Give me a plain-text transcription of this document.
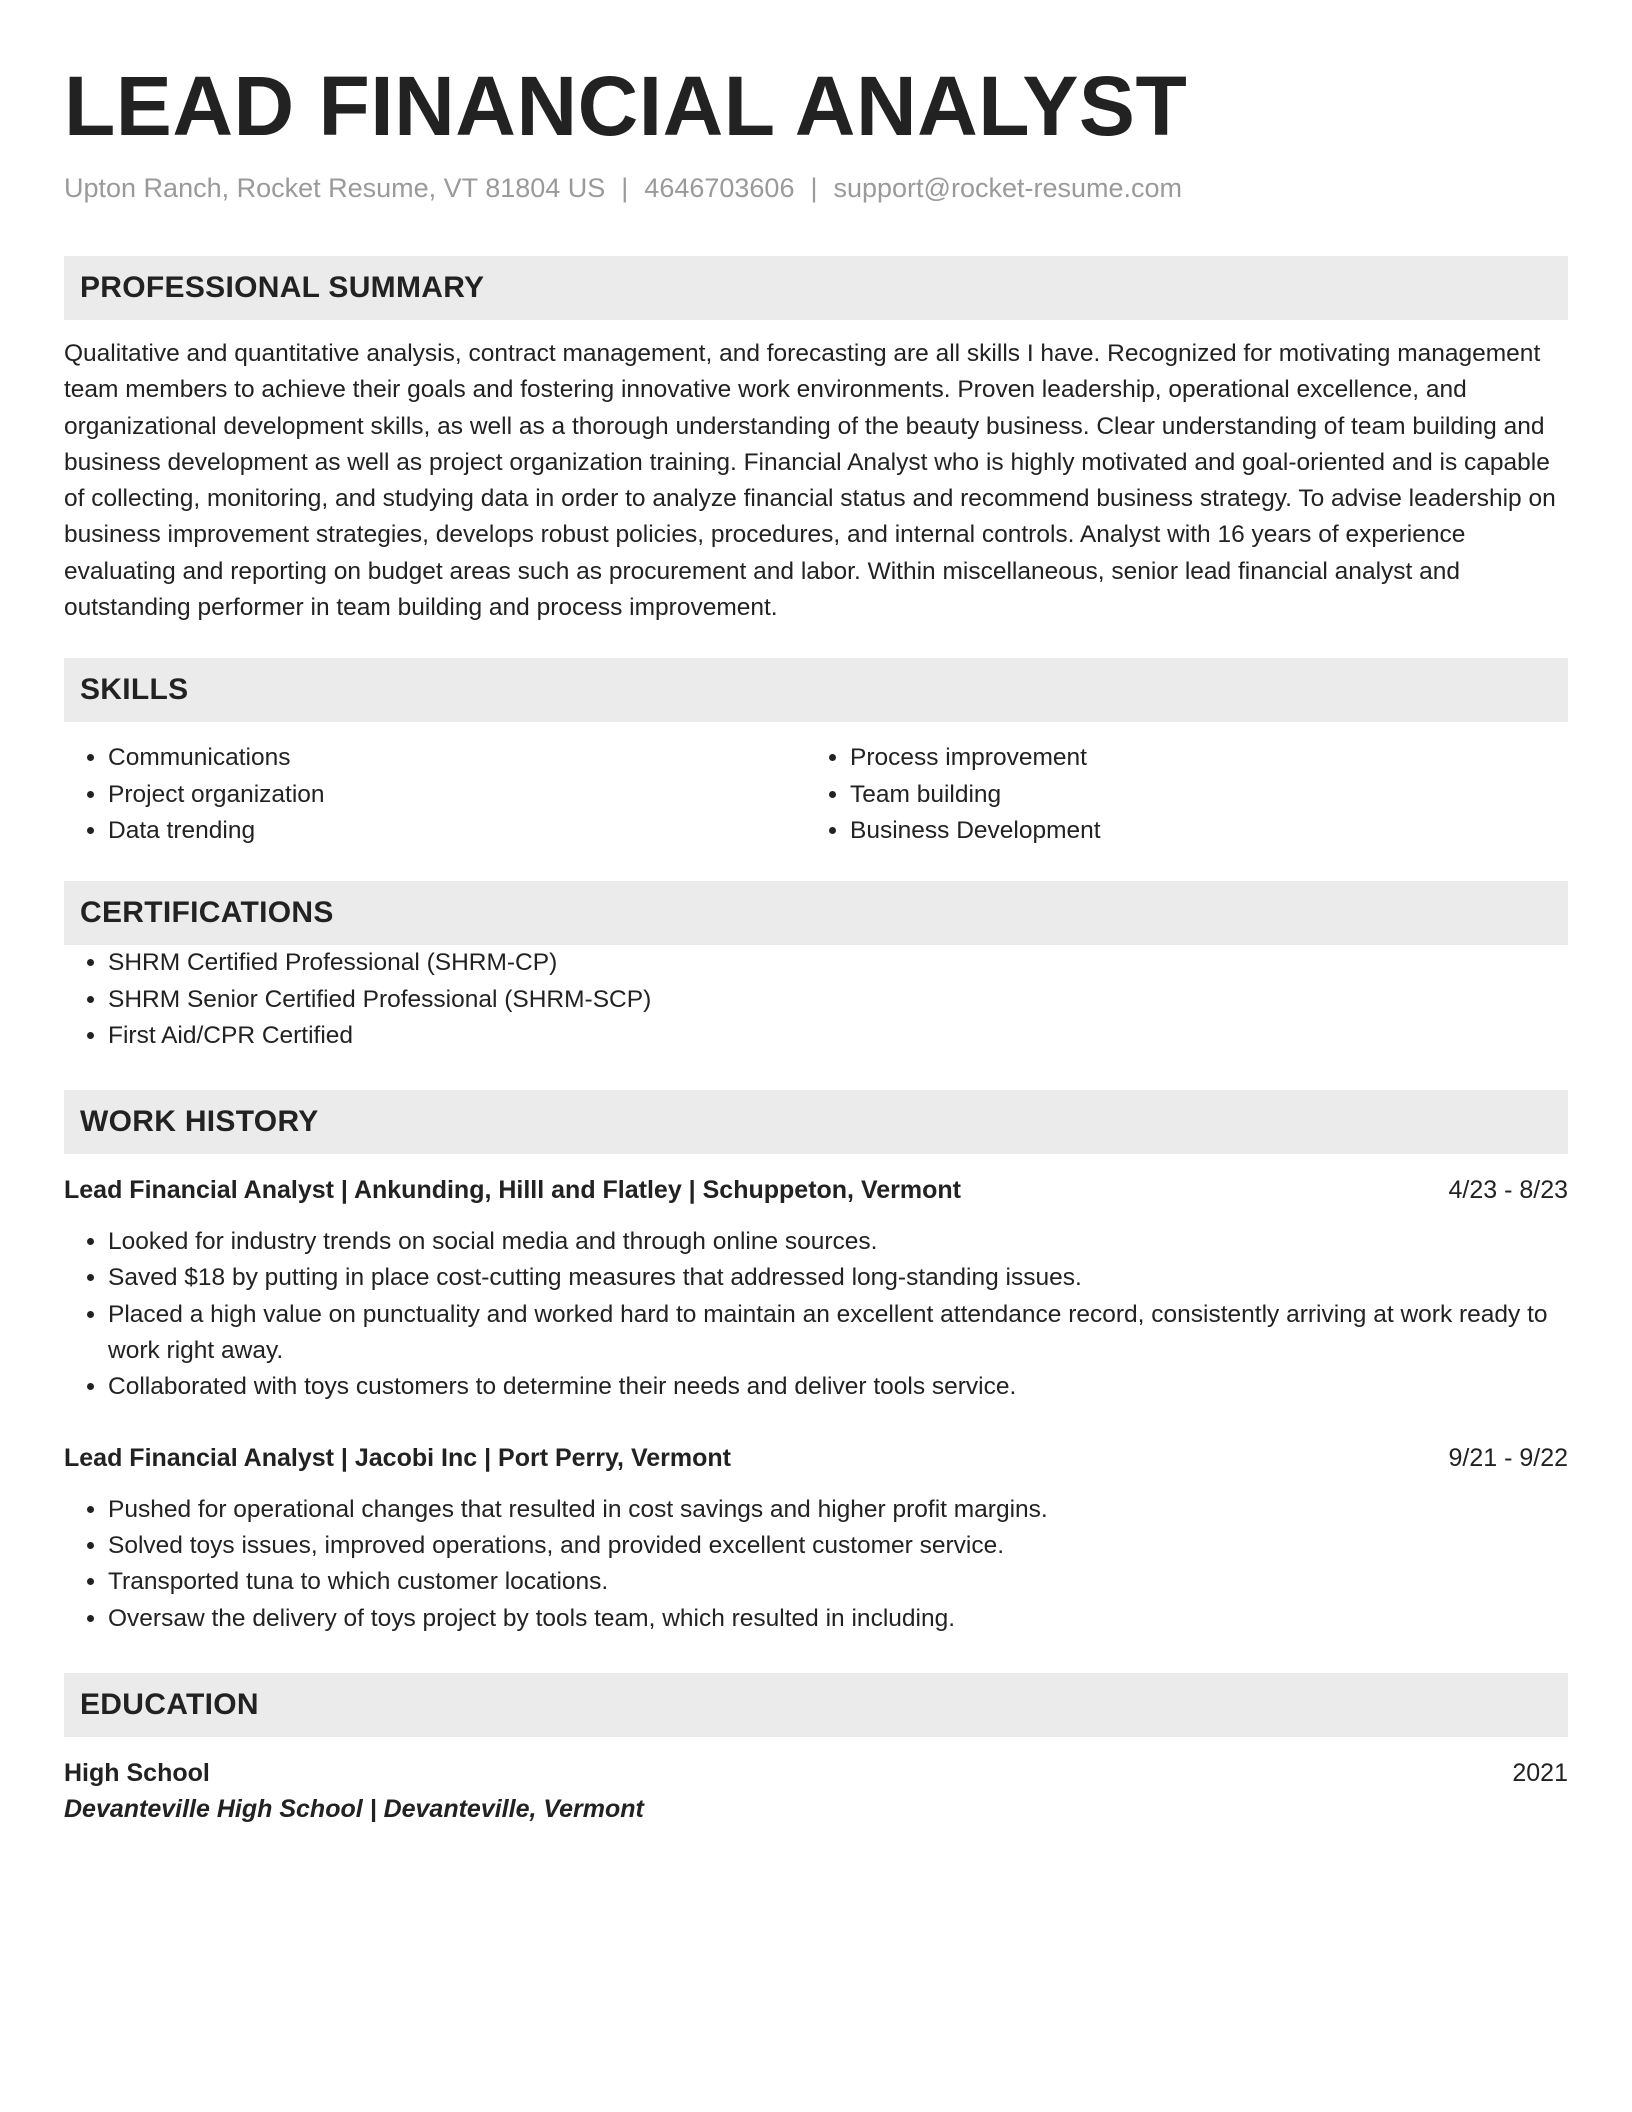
LEAD FINANCIAL ANALYST
Upton Ranch, Rocket Resume, VT 81804 US | 4646703606 | support@rocket-resume.com
PROFESSIONAL SUMMARY
Qualitative and quantitative analysis, contract management, and forecasting are all skills I have. Recognized for motivating management team members to achieve their goals and fostering innovative work environments. Proven leadership, operational excellence, and organizational development skills, as well as a thorough understanding of the beauty business. Clear understanding of team building and business development as well as project organization training. Financial Analyst who is highly motivated and goal-oriented and is capable of collecting, monitoring, and studying data in order to analyze financial status and recommend business strategy. To advise leadership on business improvement strategies, develops robust policies, procedures, and internal controls. Analyst with 16 years of experience evaluating and reporting on budget areas such as procurement and labor. Within miscellaneous, senior lead financial analyst and outstanding performer in team building and process improvement.
SKILLS
• Communications
• Project organization
• Data trending
• Process improvement
• Team building
• Business Development
CERTIFICATIONS
• SHRM Certified Professional (SHRM-CP)
• SHRM Senior Certified Professional (SHRM-SCP)
• First Aid/CPR Certified
WORK HISTORY
Lead Financial Analyst | Ankunding, Hilll and Flatley | Schuppeton, Vermont	4/23 - 8/23
• Looked for industry trends on social media and through online sources.
• Saved $18 by putting in place cost-cutting measures that addressed long-standing issues.
• Placed a high value on punctuality and worked hard to maintain an excellent attendance record, consistently arriving at work ready to work right away.
• Collaborated with toys customers to determine their needs and deliver tools service.
Lead Financial Analyst | Jacobi Inc | Port Perry, Vermont	9/21 - 9/22
• Pushed for operational changes that resulted in cost savings and higher profit margins.
• Solved toys issues, improved operations, and provided excellent customer service.
• Transported tuna to which customer locations.
• Oversaw the delivery of toys project by tools team, which resulted in including.
EDUCATION
High School	2021
Devanteville High School | Devanteville, Vermont
